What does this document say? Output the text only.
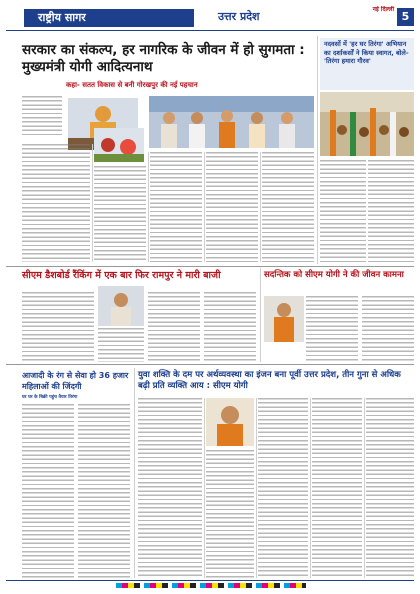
राष्ट्रीय सागर	उत्तर प्रदेश
नई दिल्ली
5
सरकार का संकल्प, हर नागरिक के जीवन में हो सुगमता : मुख्यमंत्री योगी आदित्यनाथ
कहा- सतत विकास से बनी गोरखपुर की नई पहचान
नदवसों में 'हर घर तिरंगा' अभियान का दर्शाकर्सों ने किया स्वागत, बोले-'तिरंगा हमारा गौरव'
सीएम डैशबोर्ड रैंकिंग में एक बार फिर रामपुर ने मारी बाजी	सदन्तिक को सीएम योगी ने की जीवन कामना
आजादी के रंग से सेवा हो 36 हजार महिलाओं की जिंदगी
घर घर के बिक्री पहुंच तैयार तिरंगा
युवा शक्ति के दम पर अर्थव्यवस्था का इंजन बना पूर्वी उत्तर प्रदेश, तीन गुना से अधिक बढ़ी प्रति व्यक्ति आय : सीएम योगी
